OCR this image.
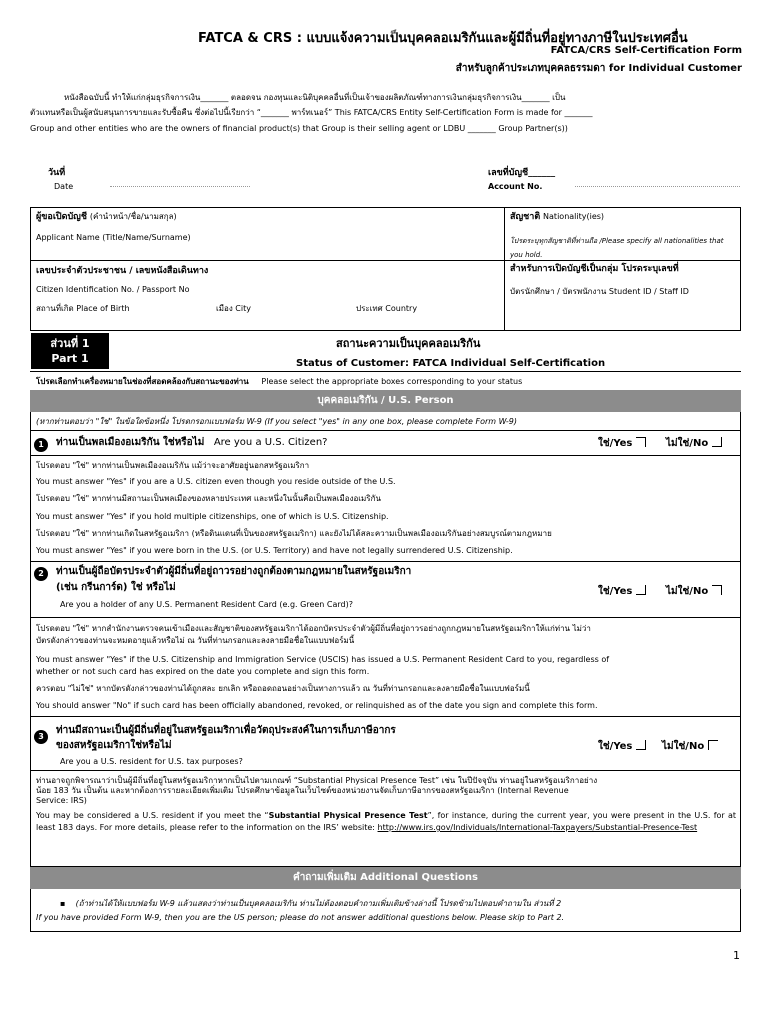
FATCA & CRS : แบบแจ้งความเป็นบุคคลอเมริกันและผู้มีถิ่นที่อยู่ทางภาษีในประเทศอื่น
FATCA/CRS Self-Certification Form
สำหรับลูกค้าประเภทบุคคลธรรมดา for Individual Customer
หนังสือฉบับนี้ ทำให้แก่กลุ่มธุรกิจการเงิน_______ ตลอดจน กองทุนและนิติบุคคลอื่นที่เป็นเจ้าของผลิตภัณฑ์ทางการเงินกลุ่มธุรกิจการเงิน_______ เป็น
ตัวแทนหรือเป็นผู้สนับสนุนการขายและรับซื้อคืน ซึ่งต่อไปนี้เรียกว่า “_______ พาร์ทเนอร์” This FATCA/CRS Entity Self-Certification Form is made for _______
Group and other entities who are the owners of financial product(s) that Group is their selling agent or LDBU _______ Group Partner(s))
วันที่
Date
เลขที่บัญชี______
Account No.
ผู้ขอเปิดบัญชี (คำนำหน้า/ชื่อ/นามสกุล)
Applicant Name (Title/Name/Surname)
สัญชาติ Nationality(ies)
โปรดระบุทุกสัญชาติที่ท่านถือ /Please specify all nationalities that you hold.
เลขประจำตัวประชาชน / เลขหนังสือเดินทาง
Citizen Identification No. / Passport No
สำหรับการเปิดบัญชีเป็นกลุ่ม โปรดระบุเลขที่
บัตรนักศึกษา / บัตรพนักงาน Student ID / Staff ID
สถานที่เกิด Place of Birth	เมือง City	ประเทศ Country
ส่วนที่ 1
Part 1
สถานะความเป็นบุคคลอเมริกัน
Status of Customer: FATCA Individual Self-Certification
โปรดเลือกทำเครื่องหมายในช่องที่สอดคล้องกับสถานะของท่าน Please select the appropriate boxes corresponding to your status
บุคคลอเมริกัน / U.S. Person
(หากท่านตอบว่า "ใช่" ในข้อใดข้อหนึ่ง โปรดกรอกแบบฟอร์ม W-9 (If you select "yes" in any one box, please complete Form W-9)
1	ท่านเป็นพลเมืองอเมริกัน ใช่หรือไม่ Are you a U.S. Citizen?	ใช่/Yes	ไม่ใช่/No
โปรดตอบ "ใช่" หากท่านเป็นพลเมืองอเมริกัน แม้ว่าจะอาศัยอยู่นอกสหรัฐอเมริกา
You must answer "Yes" if you are a U.S. citizen even though you reside outside of the U.S.
โปรดตอบ "ใช่" หากท่านมีสถานะเป็นพลเมืองของหลายประเทศ และหนึ่งในนั้นคือเป็นพลเมืองอเมริกัน
You must answer "Yes" if you hold multiple citizenships, one of which is U.S. Citizenship.
โปรดตอบ "ใช่" หากท่านเกิดในสหรัฐอเมริกา (หรือดินแดนที่เป็นของสหรัฐอเมริกา) และยังไม่ได้สละความเป็นพลเมืองอเมริกันอย่างสมบูรณ์ตามกฎหมาย
You must answer "Yes" if you were born in the U.S. (or U.S. Territory) and have not legally surrendered U.S. Citizenship.
2	ท่านเป็นผู้ถือบัตรประจำตัวผู้มีถิ่นที่อยู่ถาวรอย่างถูกต้องตามกฎหมายในสหรัฐอเมริกา
(เช่น กรีนการ์ด) ใช่ หรือไม่
Are you a holder of any U.S. Permanent Resident Card (e.g. Green Card)?
ใช่/Yes	ไม่ใช่/No
โปรดตอบ "ใช่" หากสำนักงานตรวจคนเข้าเมืองและสัญชาติของสหรัฐอเมริกาได้ออกบัตรประจำตัวผู้มีถิ่นที่อยู่ถาวรอย่างถูกกฎหมายในสหรัฐอเมริกาให้แก่ท่าน ไม่ว่า
บัตรดังกล่าวของท่านจะหมดอายุแล้วหรือไม่ ณ วันที่ท่านกรอกและลงลายมือชื่อในแบบฟอร์มนี้
You must answer "Yes" if the U.S. Citizenship and Immigration Service (USCIS) has issued a U.S. Permanent Resident Card to you, regardless of
whether or not such card has expired on the date you complete and sign this form.
ควรตอบ "ไม่ใช่" หากบัตรดังกล่าวของท่านได้ถูกสละ ยกเลิก หรือถอดถอนอย่างเป็นทางการแล้ว ณ วันที่ท่านกรอกและลงลายมือชื่อในแบบฟอร์มนี้
You should answer "No" if such card has been officially abandoned, revoked, or relinquished as of the date you sign and complete this form.
3
ท่านมีสถานะเป็นผู้มีถิ่นที่อยู่ในสหรัฐอเมริกาเพื่อวัตถุประสงค์ในการเก็บภาษีอากร
ของสหรัฐอเมริกาใช่หรือไม่
Are you a U.S. resident for U.S. tax purposes?
ใช่/Yes	ไม่ใช่/No
ท่านอาจถูกพิจารณาว่าเป็นผู้มีถิ่นที่อยู่ในสหรัฐอเมริกาหากเป็นไปตามเกณฑ์ “Substantial Physical Presence Test” เช่น ในปีปัจจุบัน ท่านอยู่ในสหรัฐอเมริกาอย่าง
น้อย 183 วัน เป็นต้น และหากต้องการรายละเอียดเพิ่มเติม โปรดศึกษาข้อมูลในเว็บไซต์ของหน่วยงานจัดเก็บภาษีอากรของสหรัฐอเมริกา (Internal Revenue
Service: IRS)
You may be considered a U.S. resident if you meet the “Substantial Physical Presence Test”, for instance, during the current year, you were present in the U.S. for at least 183 days. For more details, please refer to the information on the IRS’ website: http://www.irs.gov/Individuals/International-Taxpayers/Substantial-Presence-Test
คำถามเพิ่มเติม Additional Questions
▪ (ถ้าท่านได้ให้แบบฟอร์ม W-9 แล้วแสดงว่าท่านเป็นบุคคลอเมริกัน ท่านไม่ต้องตอบคำถามเพิ่มเติมข้างล่างนี้ โปรดข้ามไปตอบคำถามใน ส่วนที่ 2
If you have provided Form W-9, then you are the US person; please do not answer additional questions below. Please skip to Part 2.
1
